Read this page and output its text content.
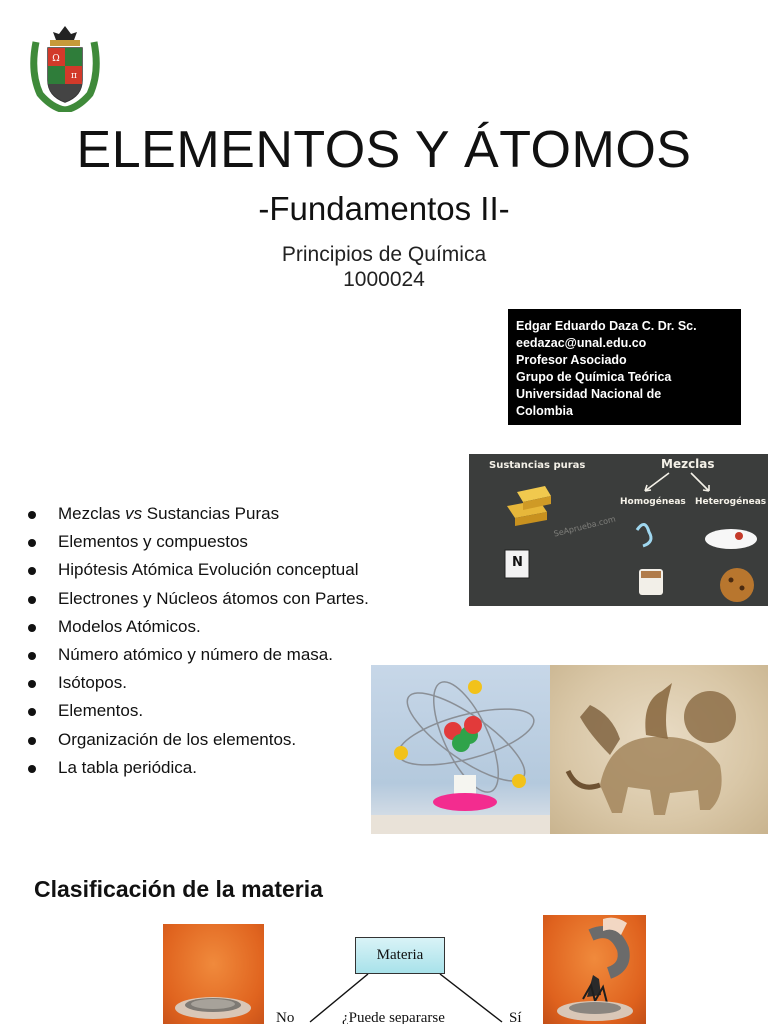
Ω
π
ELEMENTOS Y ÁTOMOS
-Fundamentos II-
Principios de Química
1000024
Edgar Eduardo Daza C. Dr. Sc.
eedazac@unal.edu.co
Profesor Asociado
Grupo de Química Teórica
Universidad Nacional de
Colombia
Mezclas vs Sustancias Puras
Elementos y compuestos
Hipótesis Atómica Evolución conceptual
Electrones y Núcleos átomos con Partes.
Modelos Atómicos.
Número atómico y número de masa.
Isótopos.
Elementos.
Organización de los elementos.
La tabla periódica.
Sustancias puras	Mezclas
Homogéneas Heterogéneas
SeApruebа.com
N
Clasificación de la materia
Materia
No	¿Puede separarse	Sí
